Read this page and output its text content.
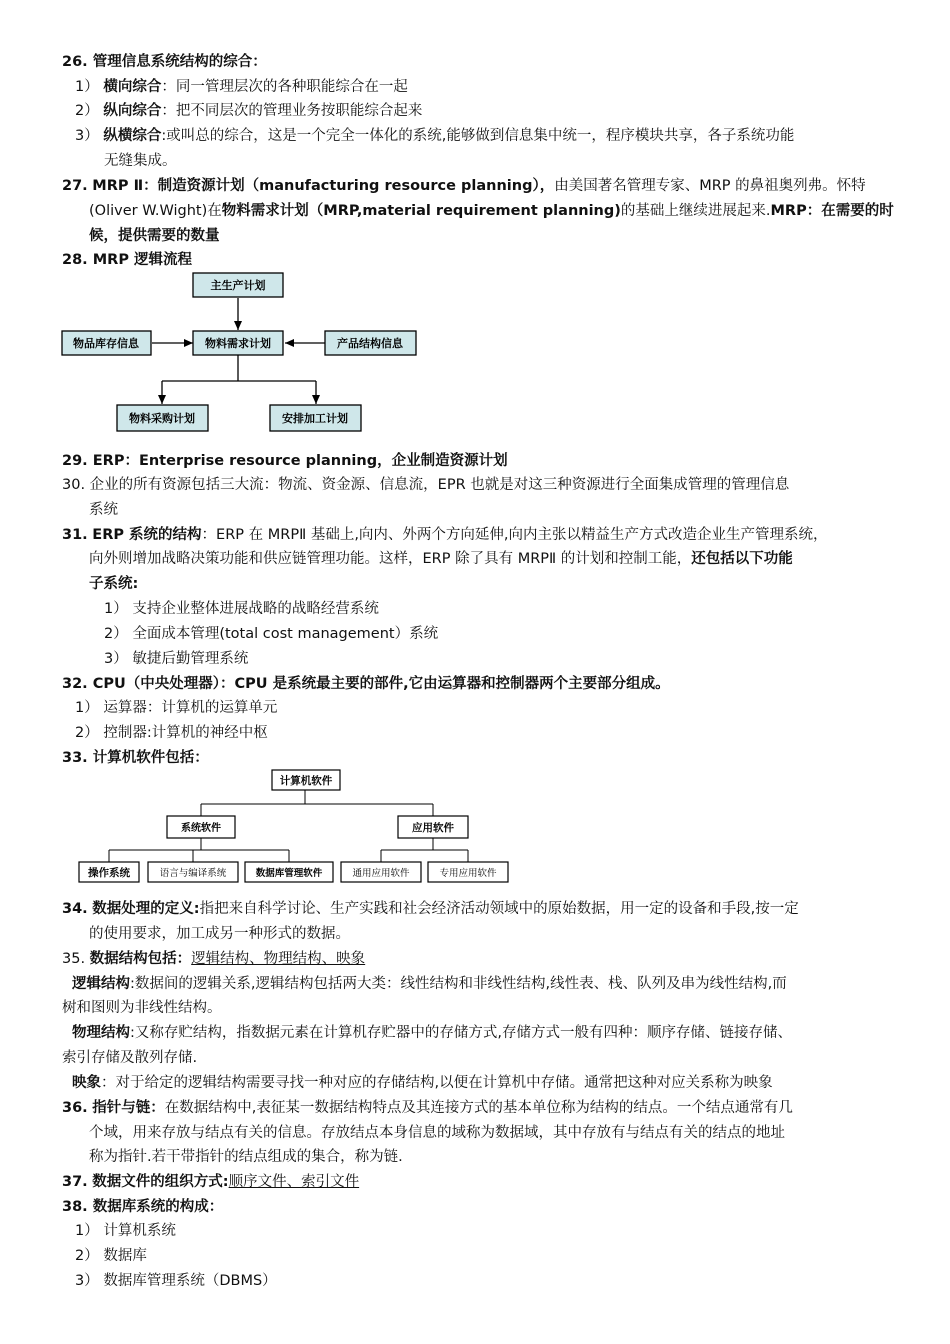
26. 管理信息系统结构的综合：
1） 横向综合：同一管理层次的各种职能综合在一起
2） 纵向综合：把不同层次的管理业务按职能综合起来
3） 纵横综合:或叫总的综合，这是一个完全一体化的系统,能够做到信息集中统一，程序模块共享，各子系统功能
无缝集成。
27. MRP Ⅱ：制造资源计划（manufacturing resource planning），由美国著名管理专家、MRP 的鼻祖奥列弗。怀特
(Oliver W.Wight)在物料需求计划（MRP,material requirement planning)的基础上继续进展起来.MRP：在需要的时
候，提供需要的数量
28. MRP 逻辑流程
主生产计划
物品库存信息	物料需求计划	产品结构信息
物料采购计划	安排加工计划
29. ERP：Enterprise resource planning，企业制造资源计划
30. 企业的所有资源包括三大流：物流、资金源、信息流，EPR 也就是对这三种资源进行全面集成管理的管理信息
系统
31. ERP 系统的结构：ERP 在 MRPⅡ 基础上,向内、外两个方向延伸,向内主张以精益生产方式改造企业生产管理系统，
向外则增加战略决策功能和供应链管理功能。这样，ERP 除了具有 MRPⅡ 的计划和控制工能，还包括以下功能
子系统:
1） 支持企业整体进展战略的战略经营系统
2） 全面成本管理(total cost management）系统
3） 敏捷后勤管理系统
32. CPU（中央处理器）：CPU 是系统最主要的部件,它由运算器和控制器两个主要部分组成。
1） 运算器：计算机的运算单元
2） 控制器:计算机的神经中枢
33. 计算机软件包括：
计算机软件
系统软件	应用软件
操作系统	语言与编译系统	数据库管理软件	通用应用软件	专用应用软件
34. 数据处理的定义:指把来自科学讨论、生产实践和社会经济活动领域中的原始数据，用一定的设备和手段,按一定
的使用要求，加工成另一种形式的数据。
35. 数据结构包括：逻辑结构、物理结构、映象
逻辑结构:数据间的逻辑关系,逻辑结构包括两大类：线性结构和非线性结构,线性表、栈、队列及串为线性结构,而
树和图则为非线性结构。
物理结构:又称存贮结构，指数据元素在计算机存贮器中的存储方式,存储方式一般有四种：顺序存储、链接存储、
索引存储及散列存储.
映象：对于给定的逻辑结构需要寻找一种对应的存储结构,以便在计算机中存储。通常把这种对应关系称为映象
36. 指针与链：在数据结构中,表征某一数据结构特点及其连接方式的基本单位称为结构的结点。一个结点通常有几
个域，用来存放与结点有关的信息。存放结点本身信息的域称为数据域，其中存放有与结点有关的结点的地址
称为指针.若干带指针的结点组成的集合，称为链.
37. 数据文件的组织方式:顺序文件、索引文件
38. 数据库系统的构成：
1） 计算机系统
2） 数据库
3） 数据库管理系统（DBMS）
